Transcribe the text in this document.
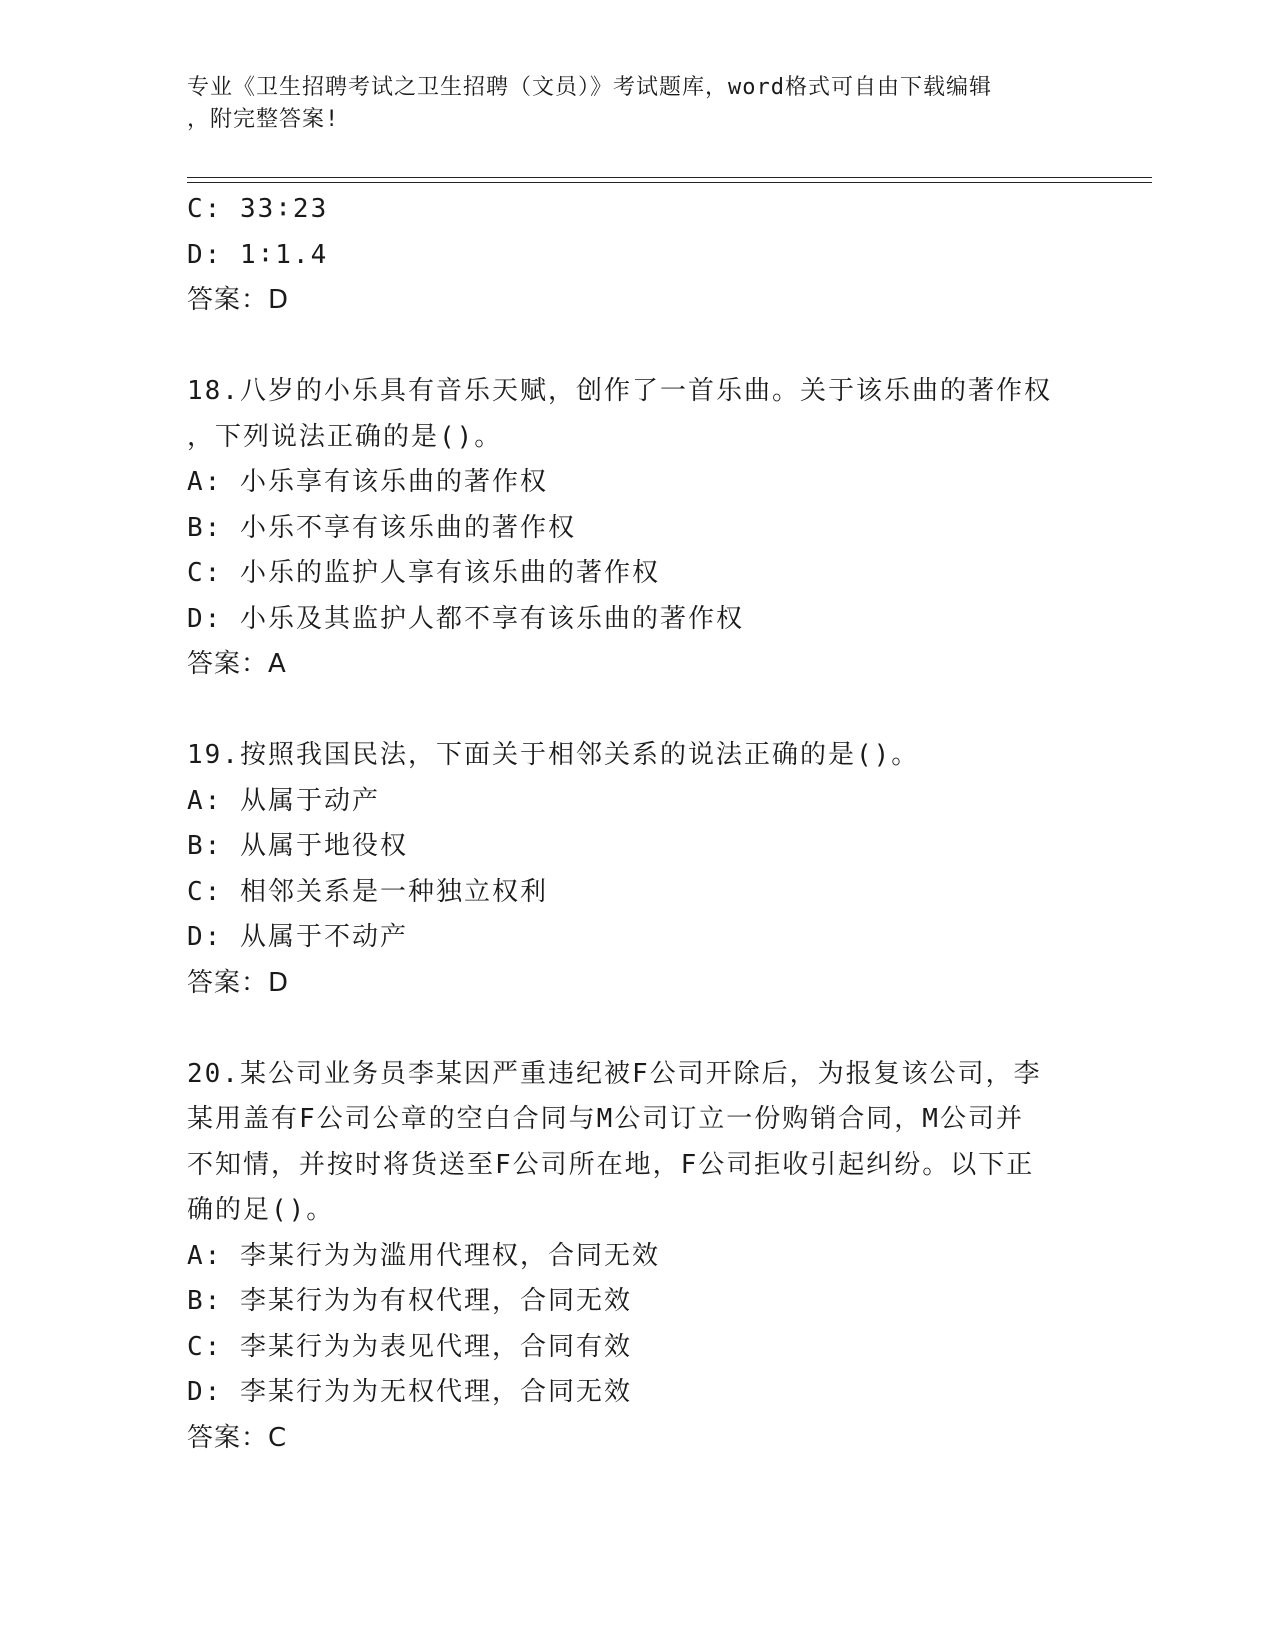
专业《卫生招聘考试之卫生招聘（文员）》考试题库，word格式可自由下载编辑
，附完整答案!
C: 33∶23
D: 1∶1.4
答案：D
18.八岁的小乐具有音乐天赋，创作了一首乐曲。关于该乐曲的著作权
，下列说法正确的是()。
A: 小乐享有该乐曲的著作权
B: 小乐不享有该乐曲的著作权
C: 小乐的监护人享有该乐曲的著作权
D: 小乐及其监护人都不享有该乐曲的著作权
答案：A
19.按照我国民法，下面关于相邻关系的说法正确的是()。
A: 从属于动产
B: 从属于地役权
C: 相邻关系是一种独立权利
D: 从属于不动产
答案：D
20.某公司业务员李某因严重违纪被F公司开除后，为报复该公司，李
某用盖有F公司公章的空白合同与M公司订立一份购销合同，M公司并
不知情，并按时将货送至F公司所在地，F公司拒收引起纠纷。以下正
确的足()。
A: 李某行为为滥用代理权，合同无效
B: 李某行为为有权代理，合同无效
C: 李某行为为表见代理，合同有效
D: 李某行为为无权代理，合同无效
答案：C
